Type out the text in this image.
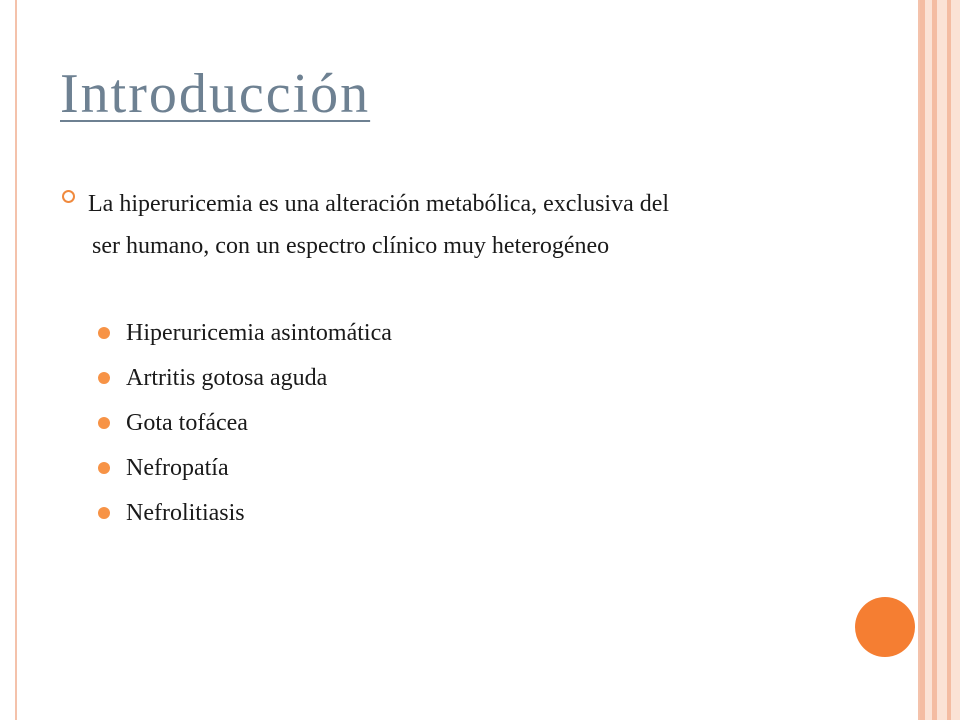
Introducción
La hiperuricemia es una alteración metabólica, exclusiva del
ser humano, con un espectro clínico muy heterogéneo
Hiperuricemia asintomática
Artritis gotosa aguda
Gota tofácea
Nefropatía
Nefrolitiasis
